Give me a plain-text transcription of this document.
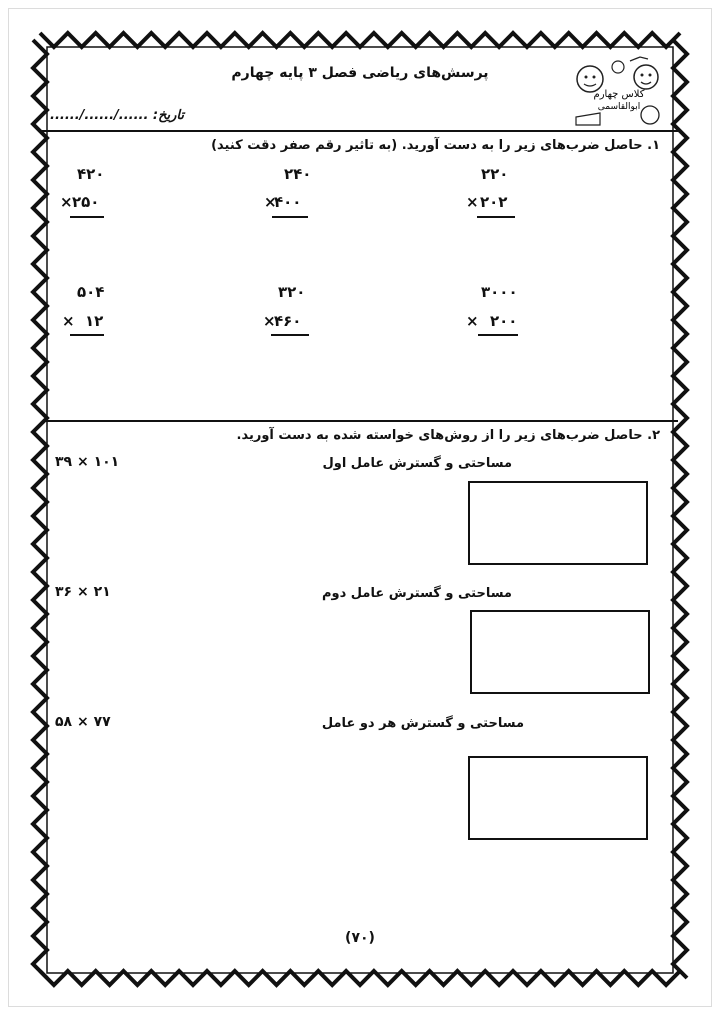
پرسش‌های ریاضی فصل ۳ پایه چهارم
تاریخ: ....../....../......
کلاس چهارم
ابوالقاسمی
۱. حاصل ضرب‌های زیر را به دست آورید. (به تاثیر رقم صفر دقت کنید)
۲۲۰
۲۰۲
×
۲۴۰
۴۰۰
×
۴۲۰
۲۵۰
×
۳۰۰۰
۲۰۰
×
۳۲۰
۴۶۰
×
۵۰۴
۱۲
×
۲. حاصل ضرب‌های زیر را از روش‌های خواسته شده به دست آورید.
مساحتی و گسترش عامل اول
۳۹ × ۱۰۱
مساحتی و گسترش عامل دوم
۳۶ × ۲۱
مساحتی و گسترش هر دو عامل
۵۸ × ۷۷
(۷۰)
